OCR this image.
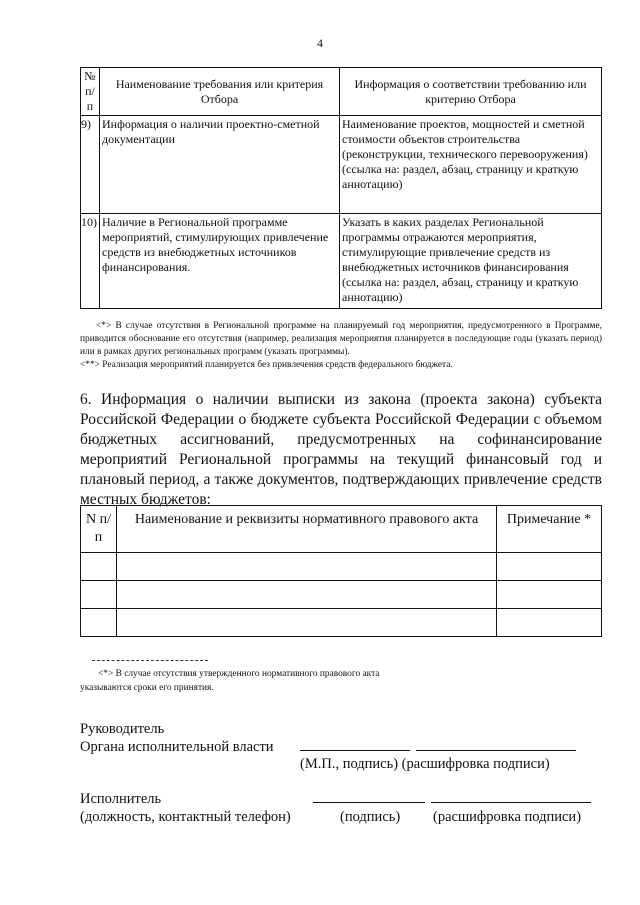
4
№ п/п	Наименование требования или критерия Отбора	Информация о соответствии требованию или критерию Отбора
9)	Информация о наличии проектно-сметной документации	Наименование проектов, мощностей и сметной стоимости объектов строительства (реконструкции, технического перевооружения) (ссылка на: раздел, абзац, страницу и краткую аннотацию)
10)	Наличие в Региональной программе мероприятий, стимулирующих привлечение средств из внебюджетных источников финансирования.	Указать в каких разделах Региональной программы отражаются мероприятия, стимулирующие привлечение средств из внебюджетных источников финансирования (ссылка на: раздел, абзац, страницу и краткую аннотацию)

<*> В случае отсутствия в Региональной программе на планируемый год мероприятия, предусмотренного в Программе, приводится обоснование его отсутствия (например, реализация мероприятия планируется в последующие годы (указать период) или в рамках других региональных программ (указать программы).

<**> Реализация мероприятий планируется без привлечения средств федерального бюджета.

6. Информация о наличии выписки из закона (проекта закона) субъекта Российской Федерации о бюджете субъекта Российской Федерации с объемом бюджетных ассигнований, предусмотренных на софинансирование мероприятий Региональной программы на текущий финансовый год и плановый период, а также документов, подтверждающих привлечение средств местных бюджетов:

N п/п	Наименование и реквизиты нормативного правового акта	Примечание *

<*> В случае отсутствия утвержденного нормативного правового акта

указываются сроки его принятия.

Руководитель
Органа исполнительной власти
(М.П., подпись) (расшифровка подписи)
Исполнитель
(должность, контактный телефон)	(подпись) (расшифровка подписи)
